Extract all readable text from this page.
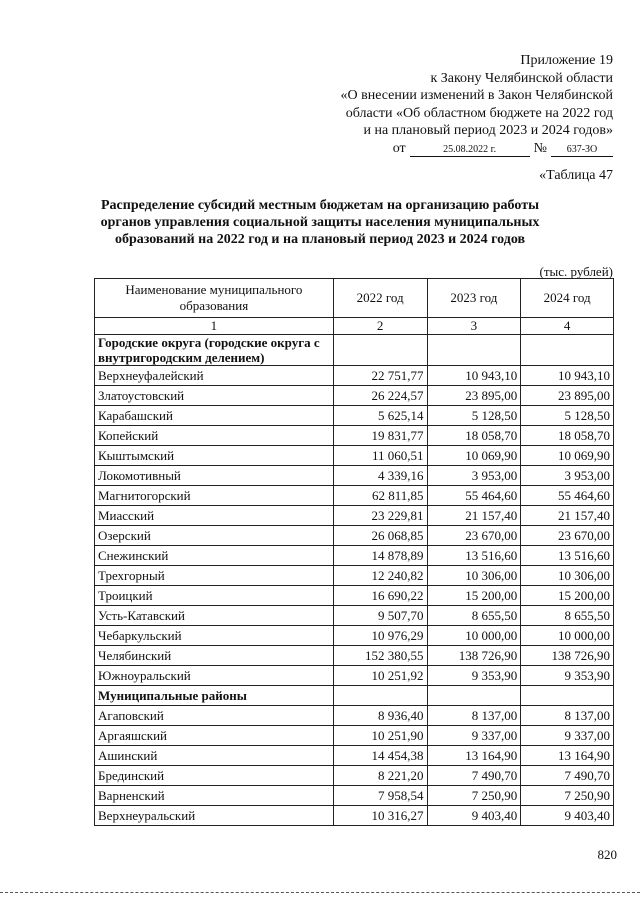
Приложение 19
к Закону Челябинской области
«О внесении изменений в Закон Челябинской
области «Об областном бюджете на 2022 год
и на плановый период 2023 и 2024 годов»
от	25.08.2022 г.	№	637-ЗО
«Таблица 47
Распределение субсидий местным бюджетам на организацию работы органов управления социальной защиты населения муниципальных образований на 2022 год и на плановый период 2023 и 2024 годов
(тыс. рублей)
Наименование муниципального образования	2022 год	2023 год	2024 год
1	2	3	4
Городские округа (городские округа с внутригородским делением)			
Верхнеуфалейский	22 751,77	10 943,10	10 943,10
Златоустовский	26 224,57	23 895,00	23 895,00
Карабашский	5 625,14	5 128,50	5 128,50
Копейский	19 831,77	18 058,70	18 058,70
Кыштымский	11 060,51	10 069,90	10 069,90
Локомотивный	4 339,16	3 953,00	3 953,00
Магнитогорский	62 811,85	55 464,60	55 464,60
Миасский	23 229,81	21 157,40	21 157,40
Озерский	26 068,85	23 670,00	23 670,00
Снежинский	14 878,89	13 516,60	13 516,60
Трехгорный	12 240,82	10 306,00	10 306,00
Троицкий	16 690,22	15 200,00	15 200,00
Усть-Катавский	9 507,70	8 655,50	8 655,50
Чебаркульский	10 976,29	10 000,00	10 000,00
Челябинский	152 380,55	138 726,90	138 726,90
Южноуральский	10 251,92	9 353,90	9 353,90
Муниципальные районы			
Агаповский	8 936,40	8 137,00	8 137,00
Аргаяшский	10 251,90	9 337,00	9 337,00
Ашинский	14 454,38	13 164,90	13 164,90
Брединский	8 221,20	7 490,70	7 490,70
Варненский	7 958,54	7 250,90	7 250,90
Верхнеуральский	10 316,27	9 403,40	9 403,40
820
